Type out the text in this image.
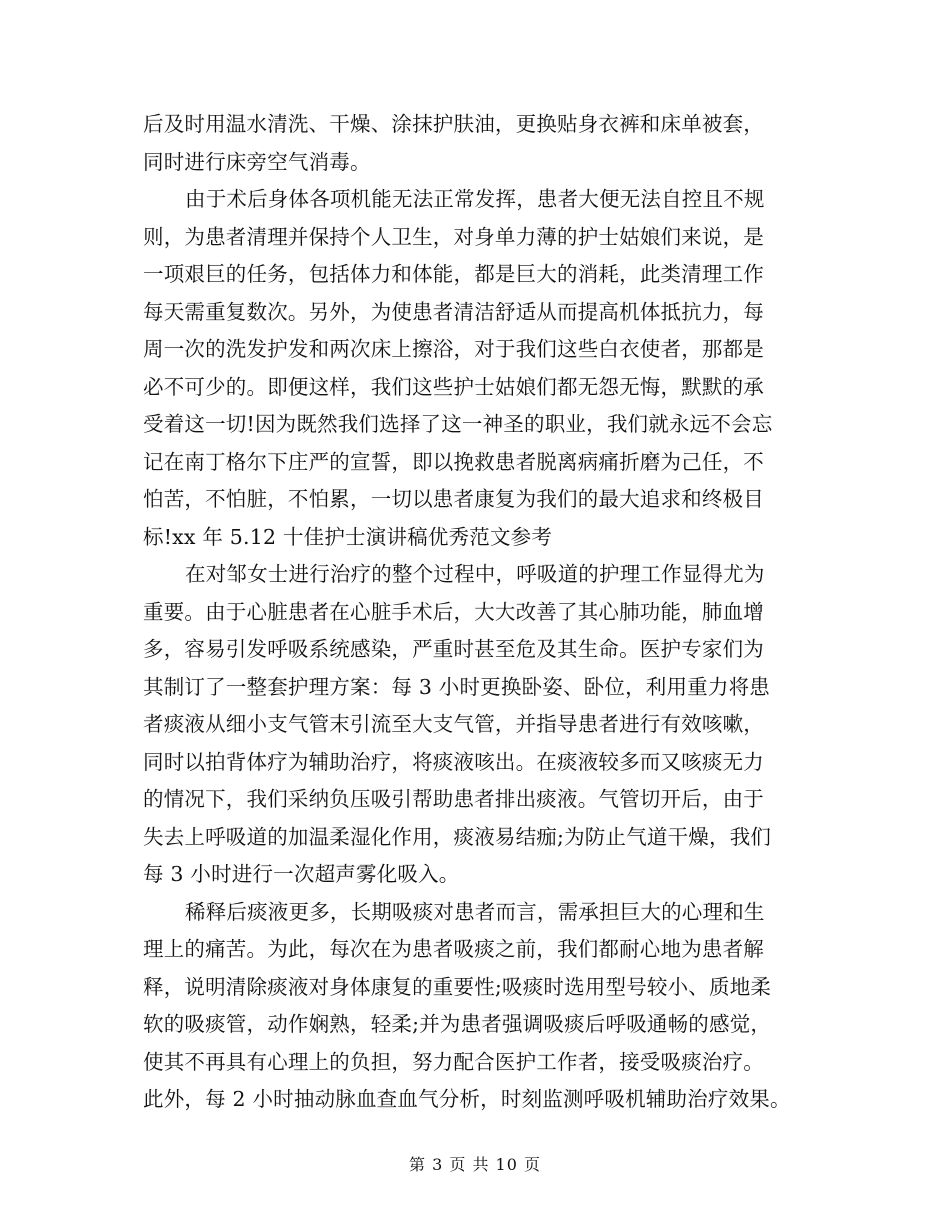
后及时用温水清洗、干燥、涂抹护肤油，更换贴身衣裤和床单被套，
同时进行床旁空气消毒。
由于术后身体各项机能无法正常发挥，患者大便无法自控且不规
则，为患者清理并保持个人卫生，对身单力薄的护士姑娘们来说，是
一项艰巨的任务，包括体力和体能，都是巨大的消耗，此类清理工作
每天需重复数次。另外，为使患者清洁舒适从而提高机体抵抗力，每
周一次的洗发护发和两次床上擦浴，对于我们这些白衣使者，那都是
必不可少的。即便这样，我们这些护士姑娘们都无怨无悔，默默的承
受着这一切!因为既然我们选择了这一神圣的职业，我们就永远不会忘
记在南丁格尔下庄严的宣誓，即以挽救患者脱离病痛折磨为己任，不
怕苦，不怕脏，不怕累，一切以患者康复为我们的最大追求和终极目
标!xx 年 5.12 十佳护士演讲稿优秀范文参考
在对邹女士进行治疗的整个过程中，呼吸道的护理工作显得尤为
重要。由于心脏患者在心脏手术后，大大改善了其心肺功能，肺血增
多，容易引发呼吸系统感染，严重时甚至危及其生命。医护专家们为
其制订了一整套护理方案：每 3 小时更换卧姿、卧位，利用重力将患
者痰液从细小支气管末引流至大支气管，并指导患者进行有效咳嗽，
同时以拍背体疗为辅助治疗，将痰液咳出。在痰液较多而又咳痰无力
的情况下，我们采纳负压吸引帮助患者排出痰液。气管切开后，由于
失去上呼吸道的加温柔湿化作用，痰液易结痂;为防止气道干燥，我们
每 3 小时进行一次超声雾化吸入。
稀释后痰液更多，长期吸痰对患者而言，需承担巨大的心理和生
理上的痛苦。为此，每次在为患者吸痰之前，我们都耐心地为患者解
释，说明清除痰液对身体康复的重要性;吸痰时选用型号较小、质地柔
软的吸痰管，动作娴熟，轻柔;并为患者强调吸痰后呼吸通畅的感觉，
使其不再具有心理上的负担，努力配合医护工作者，接受吸痰治疗。
此外，每 2 小时抽动脉血查血气分析，时刻监测呼吸机辅助治疗效果。
第 3 页 共 10 页
